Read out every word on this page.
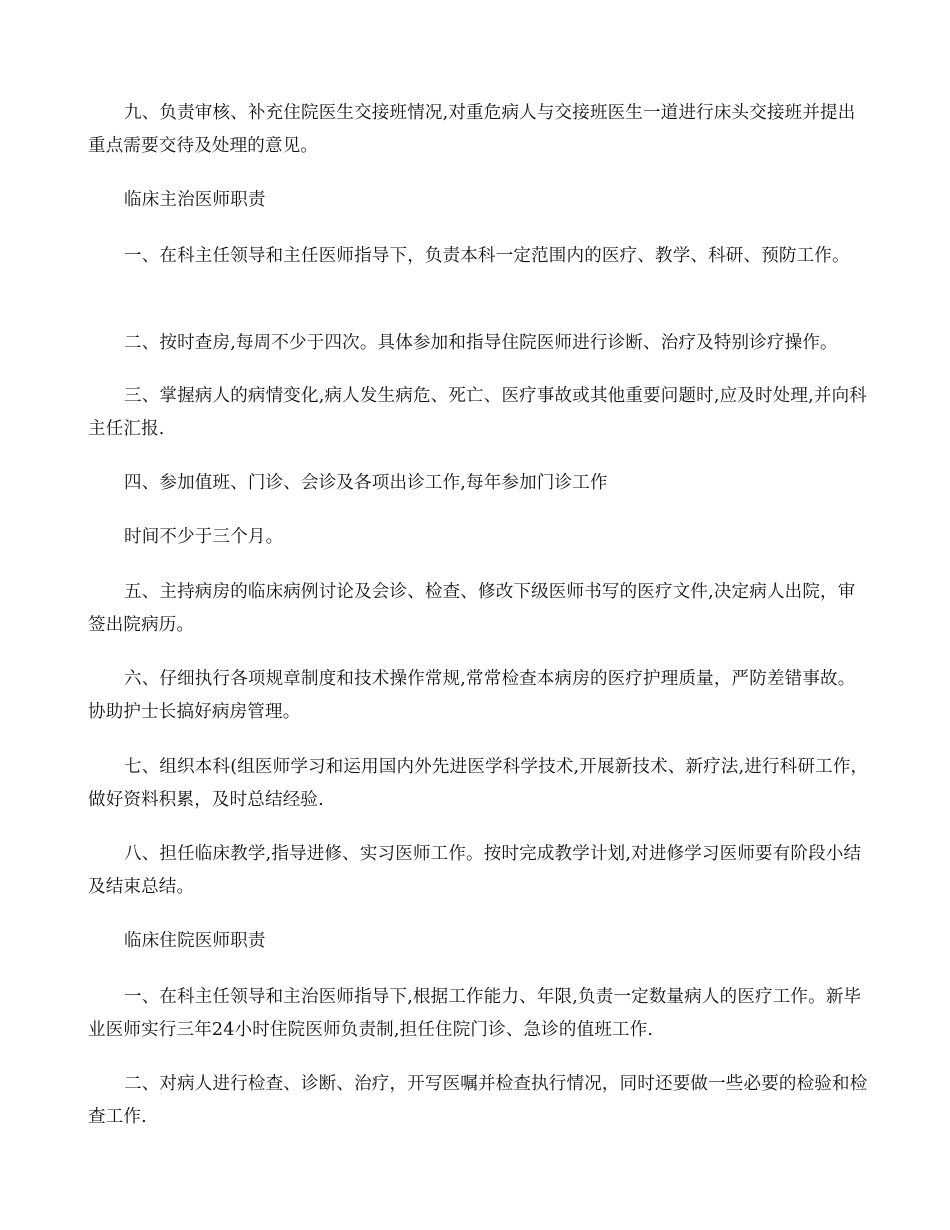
九、负责审核、补充住院医生交接班情况,对重危病人与交接班医生一道进行床头交接班并提出重点需要交待及处理的意见。

临床主治医师职责

一、在科主任领导和主任医师指导下，负责本科一定范围内的医疗、教学、科研、预防工作。

二、按时查房,每周不少于四次。具体参加和指导住院医师进行诊断、治疗及特别诊疗操作。

三、掌握病人的病情变化,病人发生病危、死亡、医疗事故或其他重要问题时,应及时处理,并向科主任汇报.

四、参加值班、门诊、会诊及各项出诊工作,每年参加门诊工作

时间不少于三个月。

五、主持病房的临床病例讨论及会诊、检查、修改下级医师书写的医疗文件,决定病人出院，审签出院病历。

六、仔细执行各项规章制度和技术操作常规,常常检查本病房的医疗护理质量，严防差错事故。协助护士长搞好病房管理。

七、组织本科(组医师学习和运用国内外先进医学科学技术,开展新技术、新疗法,进行科研工作，做好资料积累，及时总结经验.

八、担任临床教学,指导进修、实习医师工作。按时完成教学计划,对进修学习医师要有阶段小结及结束总结。

临床住院医师职责

一、在科主任领导和主治医师指导下,根据工作能力、年限,负责一定数量病人的医疗工作。新毕业医师实行三年24小时住院医师负责制,担任住院门诊、急诊的值班工作.

二、对病人进行检查、诊断、治疗，开写医嘱并检查执行情况，同时还要做一些必要的检验和检查工作.
